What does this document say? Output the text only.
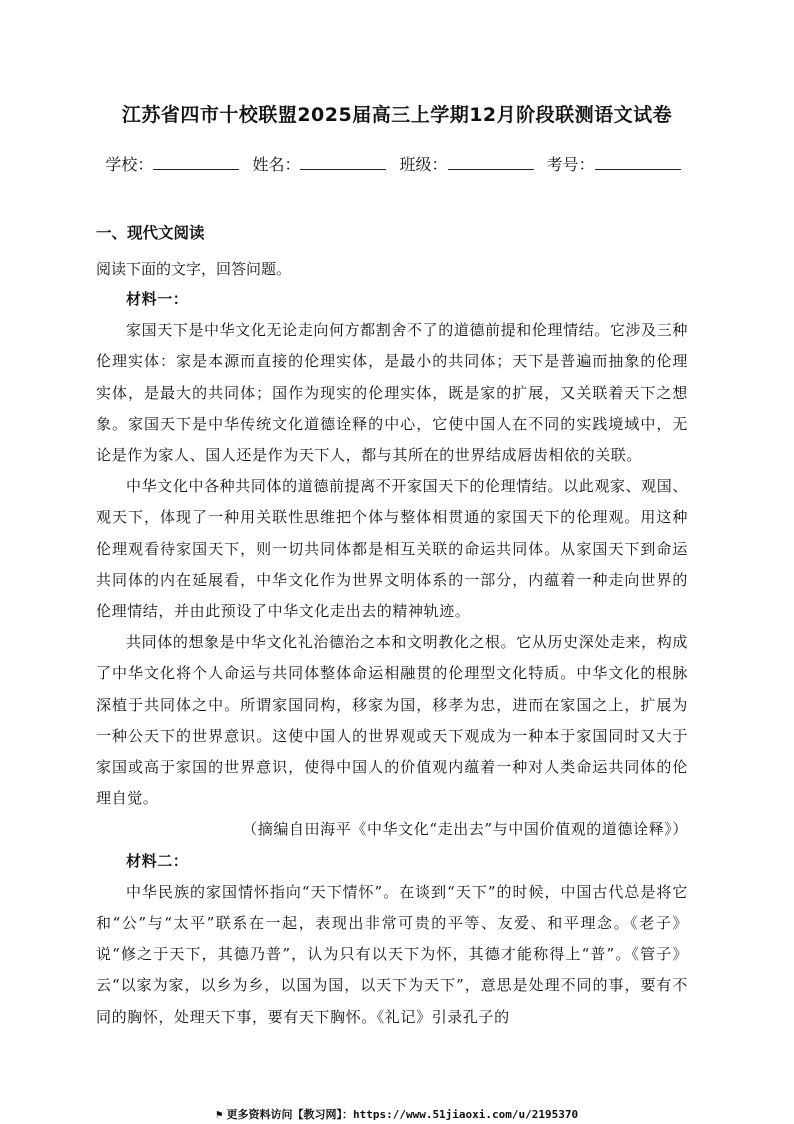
江苏省四市十校联盟2025届高三上学期12月阶段联测语文试卷
学校：	姓名：	班级：	考号：
一、现代文阅读
阅读下面的文字，回答问题。

材料一：

家国天下是中华文化无论走向何方都割舍不了的道德前提和伦理情结。它涉及三种伦理实体：家是本源而直接的伦理实体，是最小的共同体；天下是普遍而抽象的伦理实体，是最大的共同体；国作为现实的伦理实体，既是家的扩展，又关联着天下之想象。家国天下是中华传统文化道德诠释的中心，它使中国人在不同的实践境域中，无论是作为家人、国人还是作为天下人，都与其所在的世界结成唇齿相依的关联。

中华文化中各种共同体的道德前提离不开家国天下的伦理情结。以此观家、观国、观天下，体现了一种用关联性思维把个体与整体相贯通的家国天下的伦理观。用这种伦理观看待家国天下，则一切共同体都是相互关联的命运共同体。从家国天下到命运共同体的内在延展看，中华文化作为世界文明体系的一部分，内蕴着一种走向世界的伦理情结，并由此预设了中华文化走出去的精神轨迹。

共同体的想象是中华文化礼治德治之本和文明教化之根。它从历史深处走来，构成了中华文化将个人命运与共同体整体命运相融贯的伦理型文化特质。中华文化的根脉深植于共同体之中。所谓家国同构，移家为国，移孝为忠，进而在家国之上，扩展为一种公天下的世界意识。这使中国人的世界观或天下观成为一种本于家国同时又大于家国或高于家国的世界意识，使得中国人的价值观内蕴着一种对人类命运共同体的伦理自觉。

（摘编自田海平《中华文化“走出去”与中国价值观的道德诠释》）

材料二：

中华民族的家国情怀指向“天下情怀”。在谈到“天下”的时候，中国古代总是将它和“公”与“太平”联系在一起，表现出非常可贵的平等、友爱、和平理念。《老子》说“修之于天下，其德乃普”，认为只有以天下为怀，其德才能称得上“普”。《管子》云“以家为家，以乡为乡，以国为国，以天下为天下”，意思是处理不同的事，要有不同的胸怀，处理天下事，要有天下胸怀。《礼记》引录孔子的

⚑ 更多资料访问【教习网】：https://www.51jiaoxi.com/u/2195370
